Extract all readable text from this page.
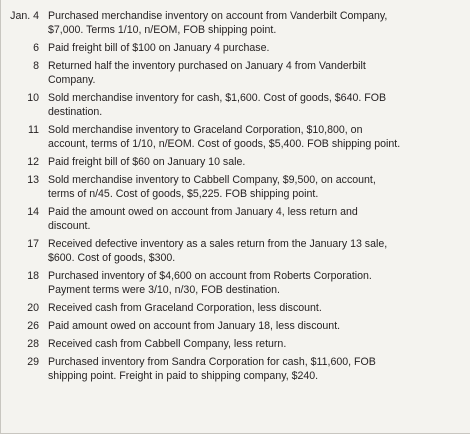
Jan. 4 Purchased merchandise inventory on account from Vanderbilt Company,
$7,000. Terms 1/10, n/EOM, FOB shipping point.
6 Paid freight bill of $100 on January 4 purchase.
8 Returned half the inventory purchased on January 4 from Vanderbilt
Company.
10 Sold merchandise inventory for cash, $1,600. Cost of goods, $640. FOB
destination.
11 Sold merchandise inventory to Graceland Corporation, $10,800, on
account, terms of 1/10, n/EOM. Cost of goods, $5,400. FOB shipping point.
12 Paid freight bill of $60 on January 10 sale.
13 Sold merchandise inventory to Cabbell Company, $9,500, on account,
terms of n/45. Cost of goods, $5,225. FOB shipping point.
14 Paid the amount owed on account from January 4, less return and
discount.
17 Received defective inventory as a sales return from the January 13 sale,
$600. Cost of goods, $300.
18 Purchased inventory of $4,600 on account from Roberts Corporation.
Payment terms were 3/10, n/30, FOB destination.
20 Received cash from Graceland Corporation, less discount.
26 Paid amount owed on account from January 18, less discount.
28 Received cash from Cabbell Company, less return.
29 Purchased inventory from Sandra Corporation for cash, $11,600, FOB
shipping point. Freight in paid to shipping company, $240.
